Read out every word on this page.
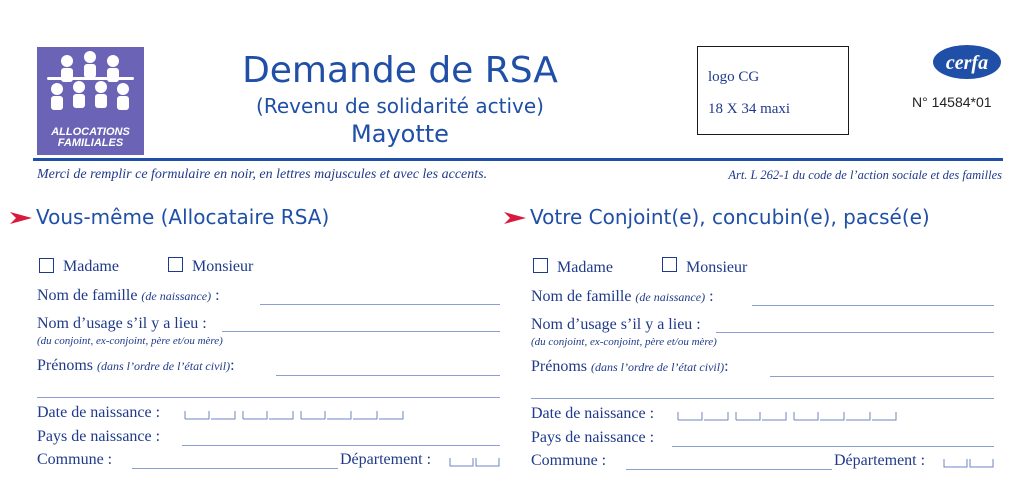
ALLOCATIONS
FAMILIALES
Demande de RSA
(Revenu de solidarité active)
Mayotte
logo CG
18 X 34 maxi
cerfa
N° 14584*01
Merci de remplir ce formulaire en noir, en lettres majuscules et avec les accents.	Art. L 262-1 du code de l’action sociale et des familles
Vous-même (Allocataire RSA)
Madame	Monsieur
Nom de famille (de naissance) :
Nom d’usage s’il y a lieu :
(du conjoint, ex-conjoint, père et/ou mère)
Prénoms (dans l’ordre de l’état civil):
Date de naissance :
Pays de naissance :
Commune :	Département :
Votre Conjoint(e), concubin(e), pacsé(e)
Madame	Monsieur
Nom de famille (de naissance) :
Nom d’usage s’il y a lieu :
(du conjoint, ex-conjoint, père et/ou mère)
Prénoms (dans l’ordre de l’état civil):
Date de naissance :
Pays de naissance :
Commune :	Département :
